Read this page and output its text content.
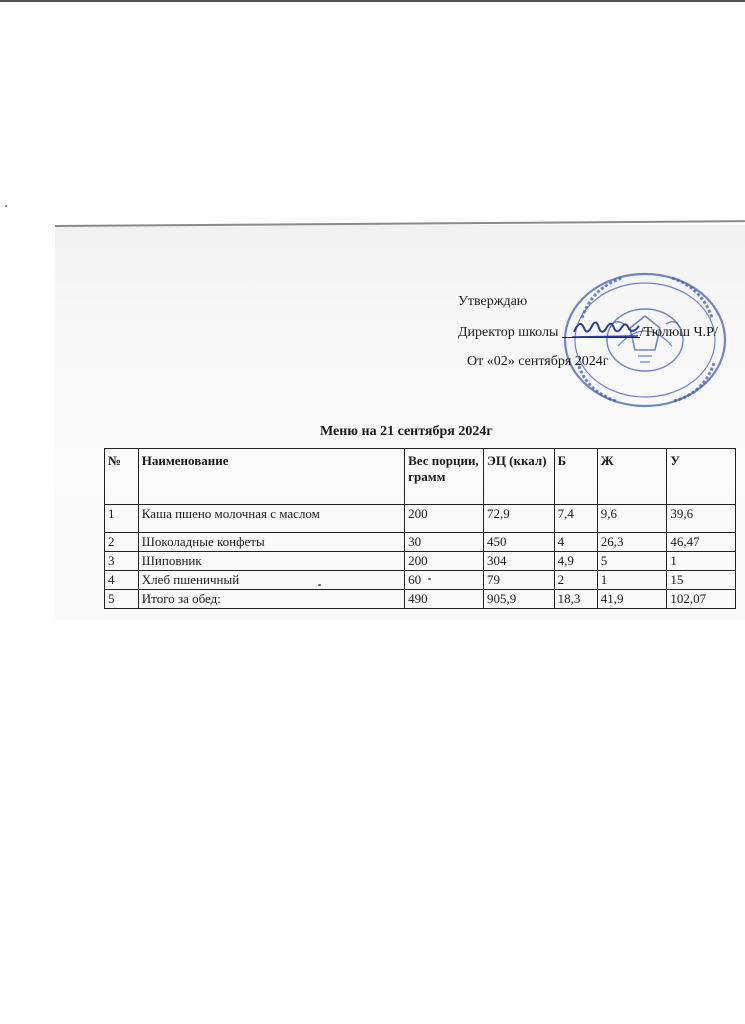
Утверждаю
Директор школы	/Тюлюш Ч.Р/
От «02» сентября 2024г
Меню на 21 сентября 2024г
№	Наименование	Вес порции, грамм	ЭЦ (ккал)	Б	Ж	У
1	Каша пшено молочная с маслом	200	72,9	7,4	9,6	39,6
2	Шоколадные конфеты	30	450	4	26,3	46,47
3	Шиповник	200	304	4,9	5	1
4	Хлеб пшеничный	60	79	2	1	15
5	Итого за обед:	490	905,9	18,3	41,9	102,07
